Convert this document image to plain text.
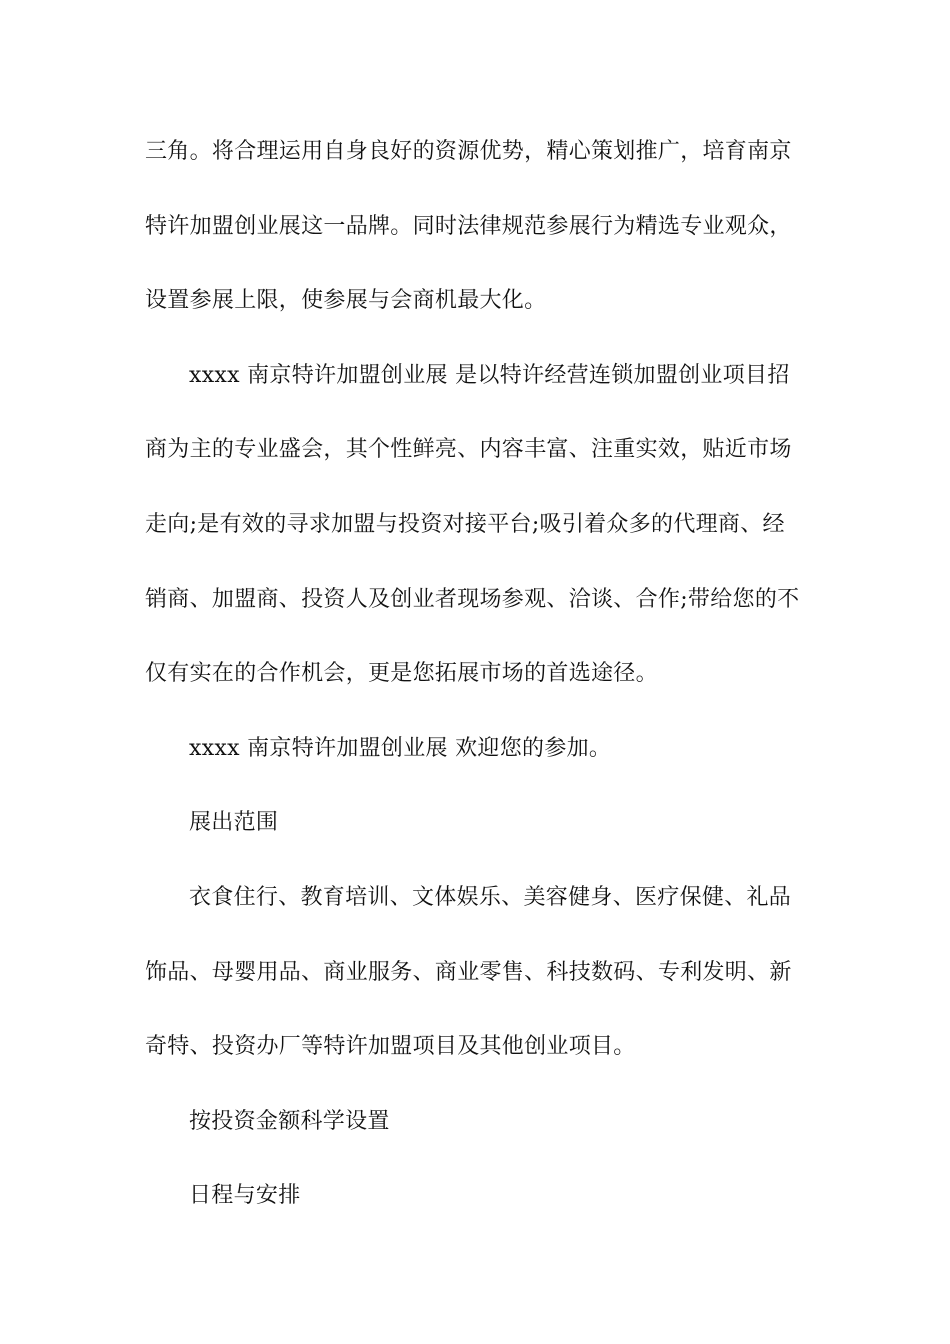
三角。将合理运用自身良好的资源优势，精心策划推广，培育南京
特许加盟创业展这一品牌。同时法律规范参展行为精选专业观众，
设置参展上限，使参展与会商机最大化。
xxxx 南京特许加盟创业展 是以特许经营连锁加盟创业项目招
商为主的专业盛会，其个性鲜亮、内容丰富、注重实效，贴近市场
走向;是有效的寻求加盟与投资对接平台;吸引着众多的代理商、经
销商、加盟商、投资人及创业者现场参观、洽谈、合作;带给您的不
仅有实在的合作机会，更是您拓展市场的首选途径。
xxxx 南京特许加盟创业展 欢迎您的参加。
展出范围
衣食住行、教育培训、文体娱乐、美容健身、医疗保健、礼品
饰品、母婴用品、商业服务、商业零售、科技数码、专利发明、新
奇特、投资办厂等特许加盟项目及其他创业项目。
按投资金额科学设置
日程与安排
